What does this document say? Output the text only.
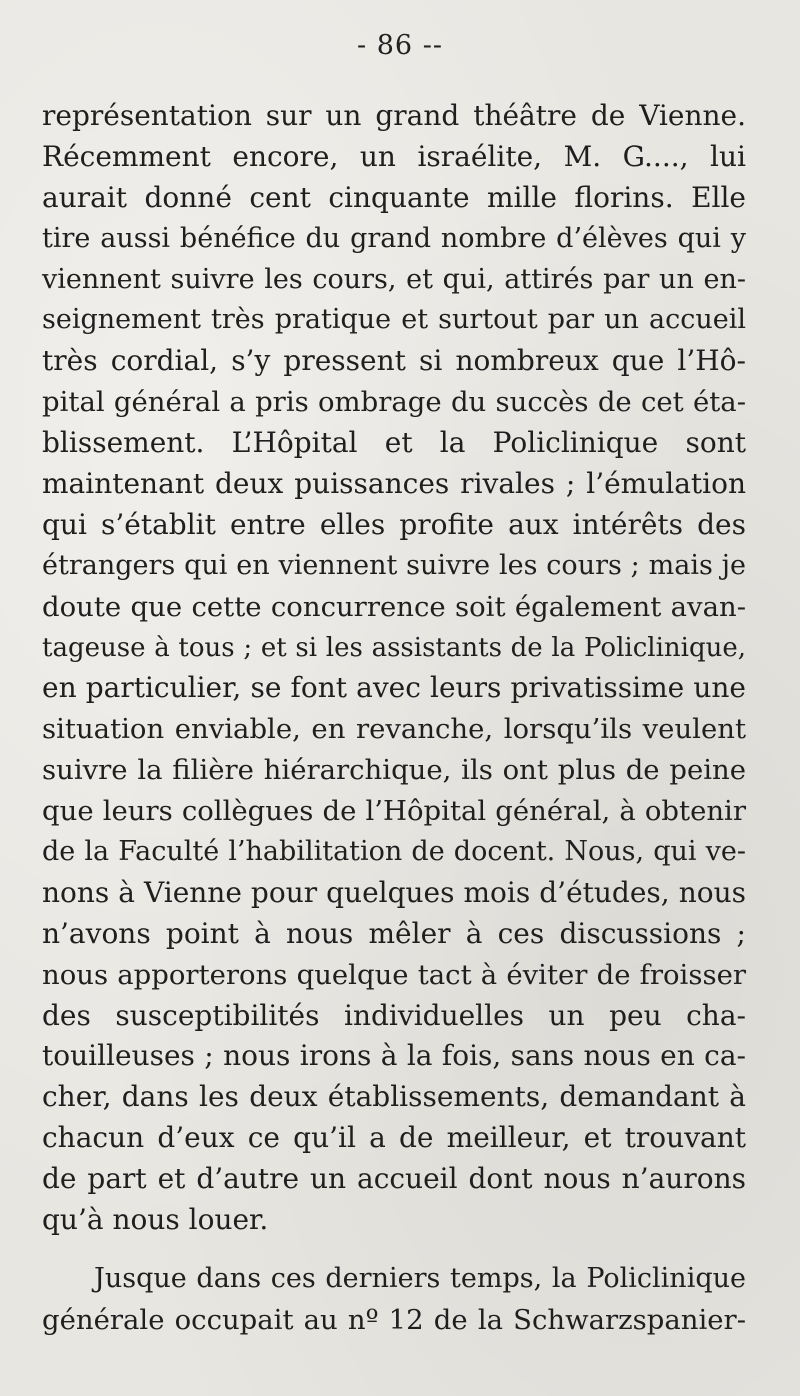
- 86 --
représentation sur un grand théâtre de Vienne.
Récemment encore, un israélite, M. G...., lui
aurait donné cent cinquante mille florins. Elle
tire aussi bénéfice du grand nombre d’élèves qui y
viennent suivre les cours, et qui, attirés par un en-
seignement très pratique et surtout par un accueil
très cordial, s’y pressent si nombreux que l’Hô-
pital général a pris ombrage du succès de cet éta-
blissement. L’Hôpital et la Policlinique sont
maintenant deux puissances rivales ; l’émulation
qui s’établit entre elles profite aux intérêts des
étrangers qui en viennent suivre les cours ; mais je
doute que cette concurrence soit également avan-
tageuse à tous ; et si les assistants de la Policlinique,
en particulier, se font avec leurs privatissime une
situation enviable, en revanche, lorsqu’ils veulent
suivre la filière hiérarchique, ils ont plus de peine
que leurs collègues de l’Hôpital général, à obtenir
de la Faculté l’habilitation de docent. Nous, qui ve-
nons à Vienne pour quelques mois d’études, nous
n’avons point à nous mêler à ces discussions ;
nous apporterons quelque tact à éviter de froisser
des susceptibilités individuelles un peu cha-
touilleuses ; nous irons à la fois, sans nous en ca-
cher, dans les deux établissements, demandant à
chacun d’eux ce qu’il a de meilleur, et trouvant
de part et d’autre un accueil dont nous n’aurons
qu’à nous louer.
Jusque dans ces derniers temps, la Policlinique
générale occupait au nº 12 de la Schwarzspanier-
